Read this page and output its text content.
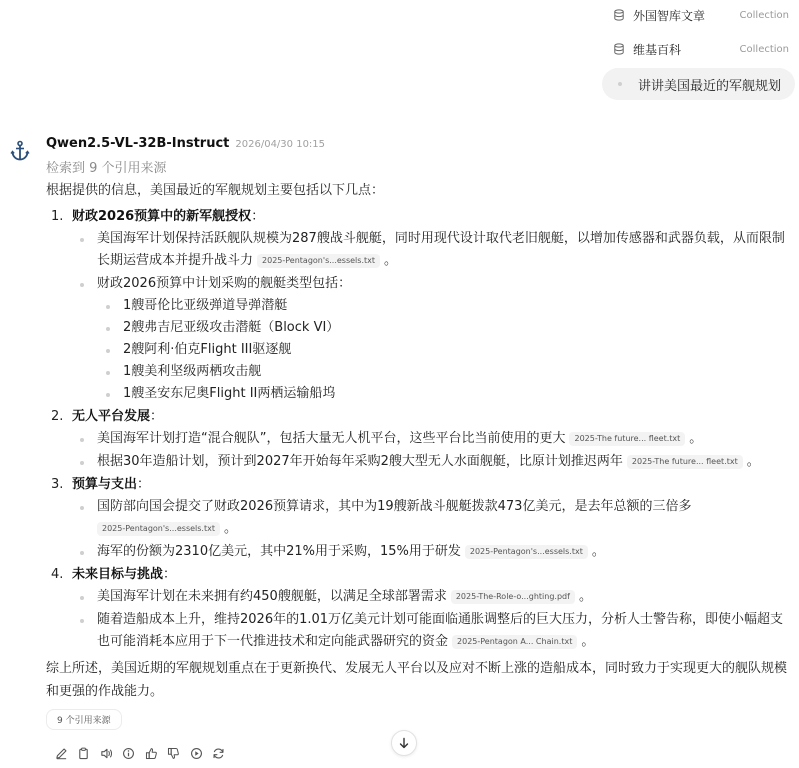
外国智库文章	Collection
维基百科	Collection
讲讲美国最近的军舰规划
Qwen2.5-VL-32B-Instruct 2026/04/30 10:15
检索到 9 个引用来源
根据提供的信息，美国最近的军舰规划主要包括以下几点：
1. 财政2026预算中的新军舰授权：
美国海军计划保持活跃舰队规模为287艘战斗舰艇，同时用现代设计取代老旧舰艇，以增加传感器和武器负载，从而限制长期运营成本并提升战斗力 2025-Pentagon's...essels.txt 。
财政2026预算中计划采购的舰艇类型包括：
1艘哥伦比亚级弹道导弹潜艇
2艘弗吉尼亚级攻击潜艇（Block VI）
2艘阿利·伯克Flight III驱逐舰
1艘美利坚级两栖攻击舰
1艘圣安东尼奥Flight II两栖运输船坞
2. 无人平台发展：
美国海军计划打造“混合舰队”，包括大量无人机平台，这些平台比当前使用的更大 2025-The future... fleet.txt 。
根据30年造船计划，预计到2027年开始每年采购2艘大型无人水面舰艇，比原计划推迟两年 2025-The future... fleet.txt 。
3. 预算与支出：
国防部向国会提交了财政2026预算请求，其中为19艘新战斗舰艇拨款473亿美元，是去年总额的三倍多
2025-Pentagon's...essels.txt 。
海军的份额为2310亿美元，其中21%用于采购，15%用于研发 2025-Pentagon's...essels.txt 。
4. 未来目标与挑战：
美国海军计划在未来拥有约450艘舰艇，以满足全球部署需求 2025-The-Role-o...ghting.pdf 。
随着造船成本上升，维持2026年的1.01万亿美元计划可能面临通胀调整后的巨大压力，分析人士警告称，即使小幅超支也可能消耗本应用于下一代推进技术和定向能武器研究的资金 2025-Pentagon A... Chain.txt 。
综上所述，美国近期的军舰规划重点在于更新换代、发展无人平台以及应对不断上涨的造船成本，同时致力于实现更大的舰队规模和更强的作战能力。
9 个引用来源
